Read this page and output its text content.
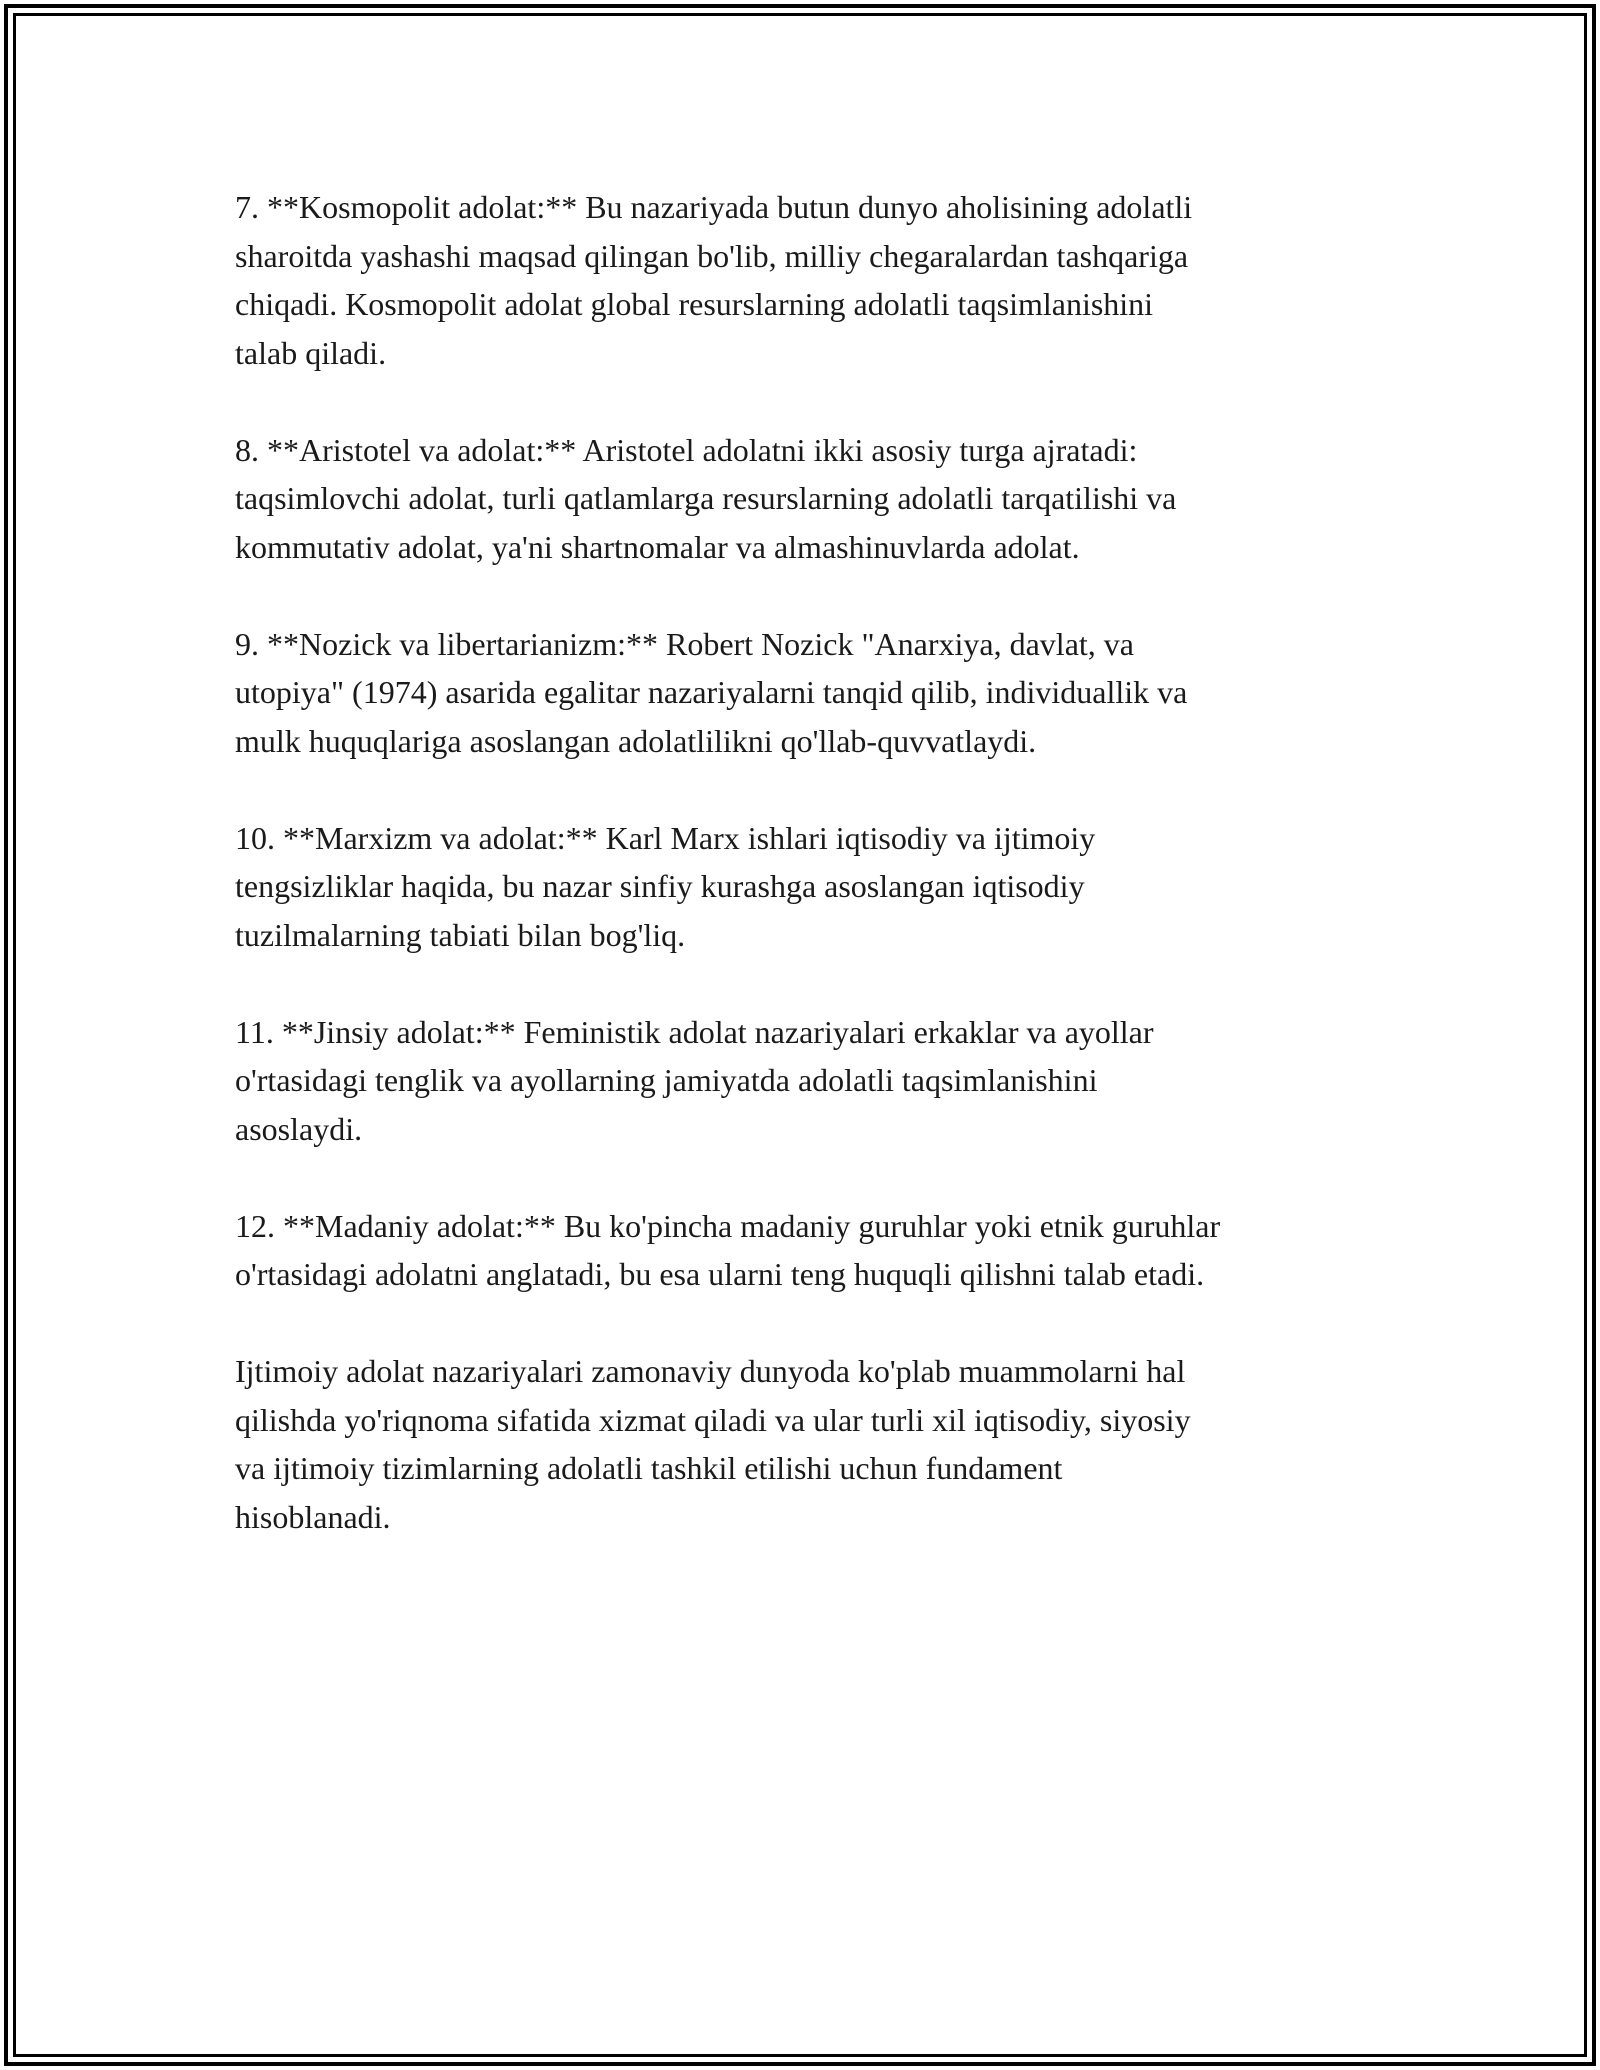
7. **Kosmopolit adolat:** Bu nazariyada butun dunyo aholisining adolatli
sharoitda yashashi maqsad qilingan bo'lib, milliy chegaralardan tashqariga
chiqadi. Kosmopolit adolat global resurslarning adolatli taqsimlanishini
talab qiladi.

8. **Aristotel va adolat:** Aristotel adolatni ikki asosiy turga ajratadi:
taqsimlovchi adolat, turli qatlamlarga resurslarning adolatli tarqatilishi va
kommutativ adolat, ya'ni shartnomalar va almashinuvlarda adolat.

9. **Nozick va libertarianizm:** Robert Nozick "Anarxiya, davlat, va
utopiya" (1974) asarida egalitar nazariyalarni tanqid qilib, individuallik va
mulk huquqlariga asoslangan adolatlilikni qo'llab-quvvatlaydi.

10. **Marxizm va adolat:** Karl Marx ishlari iqtisodiy va ijtimoiy
tengsizliklar haqida, bu nazar sinfiy kurashga asoslangan iqtisodiy
tuzilmalarning tabiati bilan bog'liq.

11. **Jinsiy adolat:** Feministik adolat nazariyalari erkaklar va ayollar
o'rtasidagi tenglik va ayollarning jamiyatda adolatli taqsimlanishini
asoslaydi.

12. **Madaniy adolat:** Bu ko'pincha madaniy guruhlar yoki etnik guruhlar
o'rtasidagi adolatni anglatadi, bu esa ularni teng huquqli qilishni talab etadi.

Ijtimoiy adolat nazariyalari zamonaviy dunyoda ko'plab muammolarni hal
qilishda yo'riqnoma sifatida xizmat qiladi va ular turli xil iqtisodiy, siyosiy
va ijtimoiy tizimlarning adolatli tashkil etilishi uchun fundament
hisoblanadi.
